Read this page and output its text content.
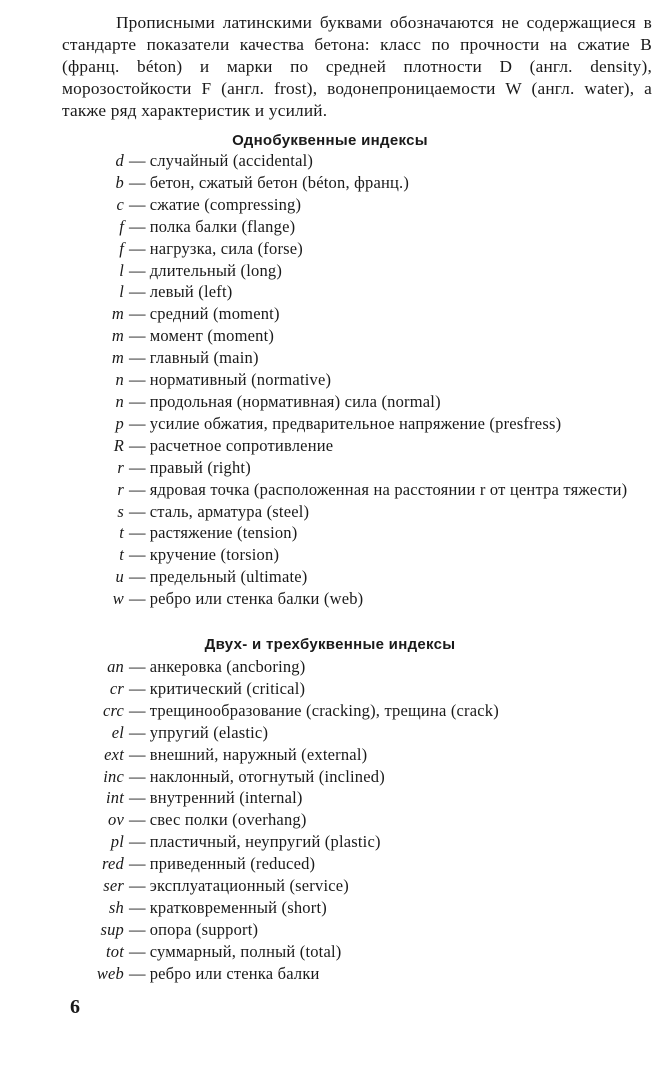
Прописными латинскими буквами обозначаются не содержащиеся в стандарте показатели качества бетона: класс по прочности на сжатие B (франц. béton) и марки по средней плотности D (англ. density), морозостойкости F (англ. frost), водонепроницаемости W (англ. water), а также ряд характеристик и усилий.

Однобуквенные индексы
d — случайный (accidental)
b — бетон, сжатый бетон (béton, франц.)
c — сжатие (compressing)
f — полка балки (flange)
f — нагрузка, сила (forse)
l — длительный (long)
l — левый (left)
m — средний (moment)
m — момент (moment)
m — главный (main)
n — нормативный (normative)
n — продольная (нормативная) сила (normal)
p — усилие обжатия, предварительное напряжение (presfress)
R — расчетное сопротивление
r — правый (right)
r — ядровая точка (расположенная на расстоянии r от центра тяжести)
s — сталь, арматура (steel)
t — растяжение (tension)
t — кручение (torsion)
u — предельный (ultimate)
w — ребро или стенка балки (web)
Двух- и трехбуквенные индексы
an — анкеровка (ancboring)
cr — критический (critical)
crc — трещинообразование (cracking), трещина (crack)
el — упругий (elastic)
ext — внешний, наружный (external)
inc — наклонный, отогнутый (inclined)
int — внутренний (internal)
ov — свес полки (overhang)
pl — пластичный, неупругий (plastic)
red — приведенный (reduced)
ser — эксплуатационный (service)
sh — кратковременный (short)
sup — опора (support)
tot — суммарный, полный (total)
web — ребро или стенка балки
6
